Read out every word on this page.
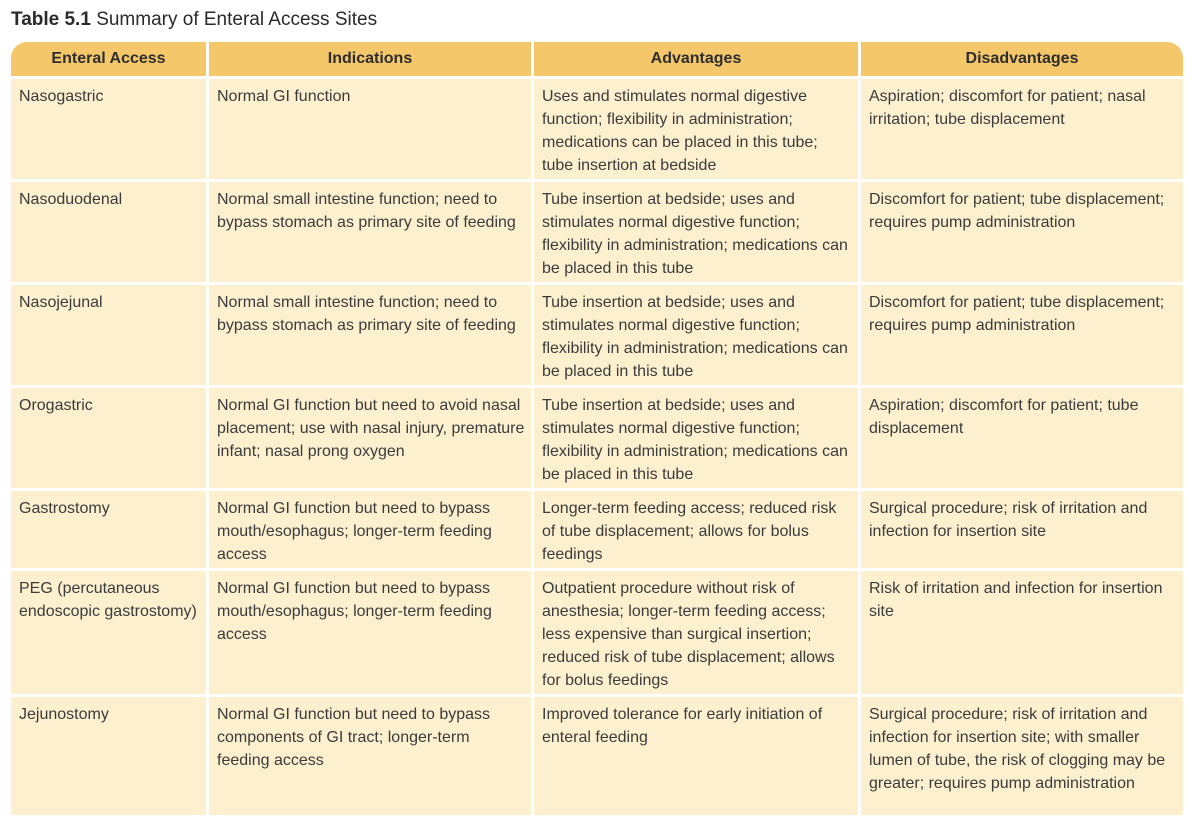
Table 5.1 Summary of Enteral Access Sites
Enteral Access	Indications	Advantages	Disadvantages
Nasogastric	Normal GI function	Uses and stimulates normal digestive function; flexibility in administration; medications can be placed in this tube; tube insertion at bedside	Aspiration; discomfort for patient; nasal irritation; tube displacement
Nasoduodenal	Normal small intestine function; need to bypass stomach as primary site of feeding	Tube insertion at bedside; uses and stimulates normal digestive function; flexibility in administration; medications can be placed in this tube	Discomfort for patient; tube displacement; requires pump administration
Nasojejunal	Normal small intestine function; need to bypass stomach as primary site of feeding	Tube insertion at bedside; uses and stimulates normal digestive function; flexibility in administration; medications can be placed in this tube	Discomfort for patient; tube displacement; requires pump administration
Orogastric	Normal GI function but need to avoid nasal placement; use with nasal injury, premature infant; nasal prong oxygen	Tube insertion at bedside; uses and stimulates normal digestive function; flexibility in administration; medications can be placed in this tube	Aspiration; discomfort for patient; tube displacement
Gastrostomy	Normal GI function but need to bypass mouth/esophagus; longer-term feeding access	Longer-term feeding access; reduced risk of tube displacement; allows for bolus feedings	Surgical procedure; risk of irritation and infection for insertion site
PEG (percutaneous endoscopic gastrostomy)	Normal GI function but need to bypass mouth/esophagus; longer-term feeding access	Outpatient procedure without risk of anesthesia; longer-term feeding access; less expensive than surgical insertion; reduced risk of tube displacement; allows for bolus feedings	Risk of irritation and infection for insertion site
Jejunostomy	Normal GI function but need to bypass components of GI tract; longer-term feeding access	Improved tolerance for early initiation of enteral feeding	Surgical procedure; risk of irritation and infection for insertion site; with smaller lumen of tube, the risk of clogging may be greater; requires pump administration
